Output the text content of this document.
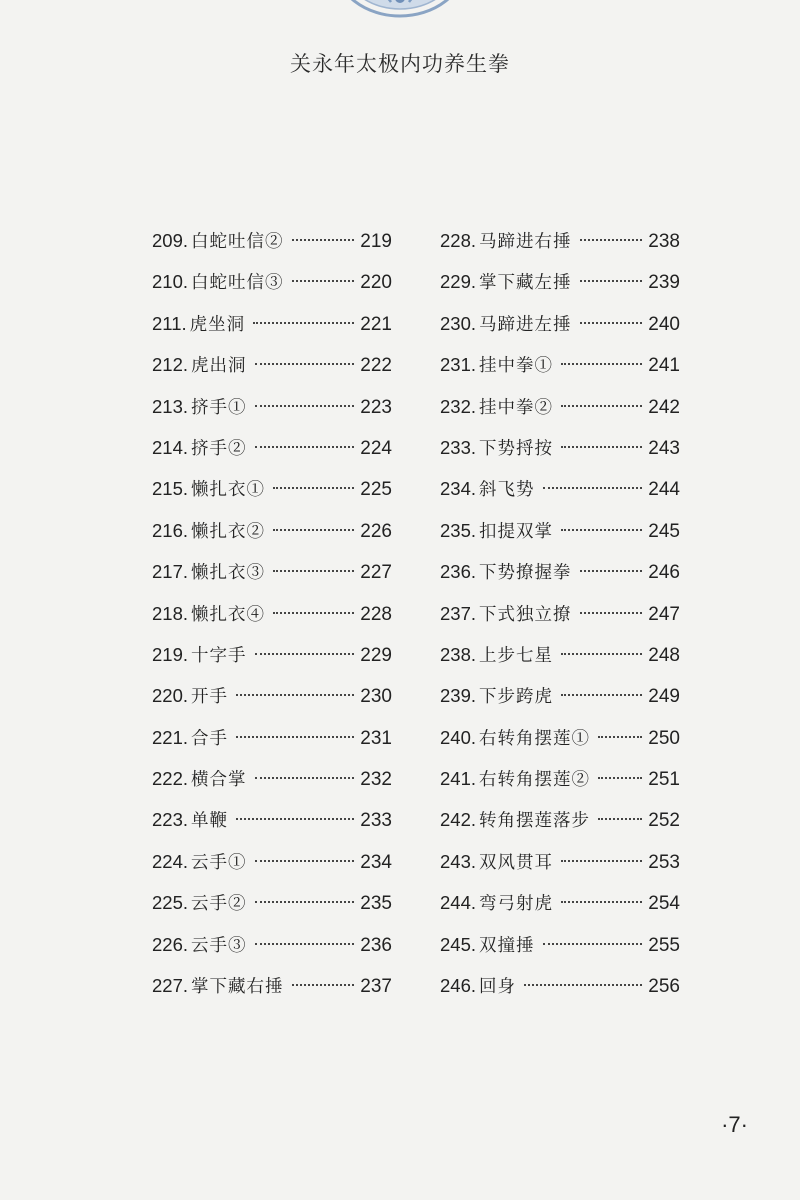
关永年太极内功养生拳
209. 白蛇吐信②	219
210. 白蛇吐信③	220
211. 虎坐洞	221
212. 虎出洞	222
213. 挤手①	223
214. 挤手②	224
215. 懒扎衣①	225
216. 懒扎衣②	226
217. 懒扎衣③	227
218. 懒扎衣④	228
219. 十字手	229
220. 开手	230
221. 合手	231
222. 横合掌	232
223. 单鞭	233
224. 云手①	234
225. 云手②	235
226. 云手③	236
227. 掌下藏右捶	237
228. 马蹄进右捶	238
229. 掌下藏左捶	239
230. 马蹄进左捶	240
231. 挂中拳①	241
232. 挂中拳②	242
233. 下势捋按	243
234. 斜飞势	244
235. 扣提双掌	245
236. 下势撩握拳	246
237. 下式独立撩	247
238. 上步七星	248
239. 下步跨虎	249
240. 右转角摆莲①	250
241. 右转角摆莲②	251
242. 转角摆莲落步	252
243. 双风贯耳	253
244. 弯弓射虎	254
245. 双撞捶	255
246. 回身	256
·7·
